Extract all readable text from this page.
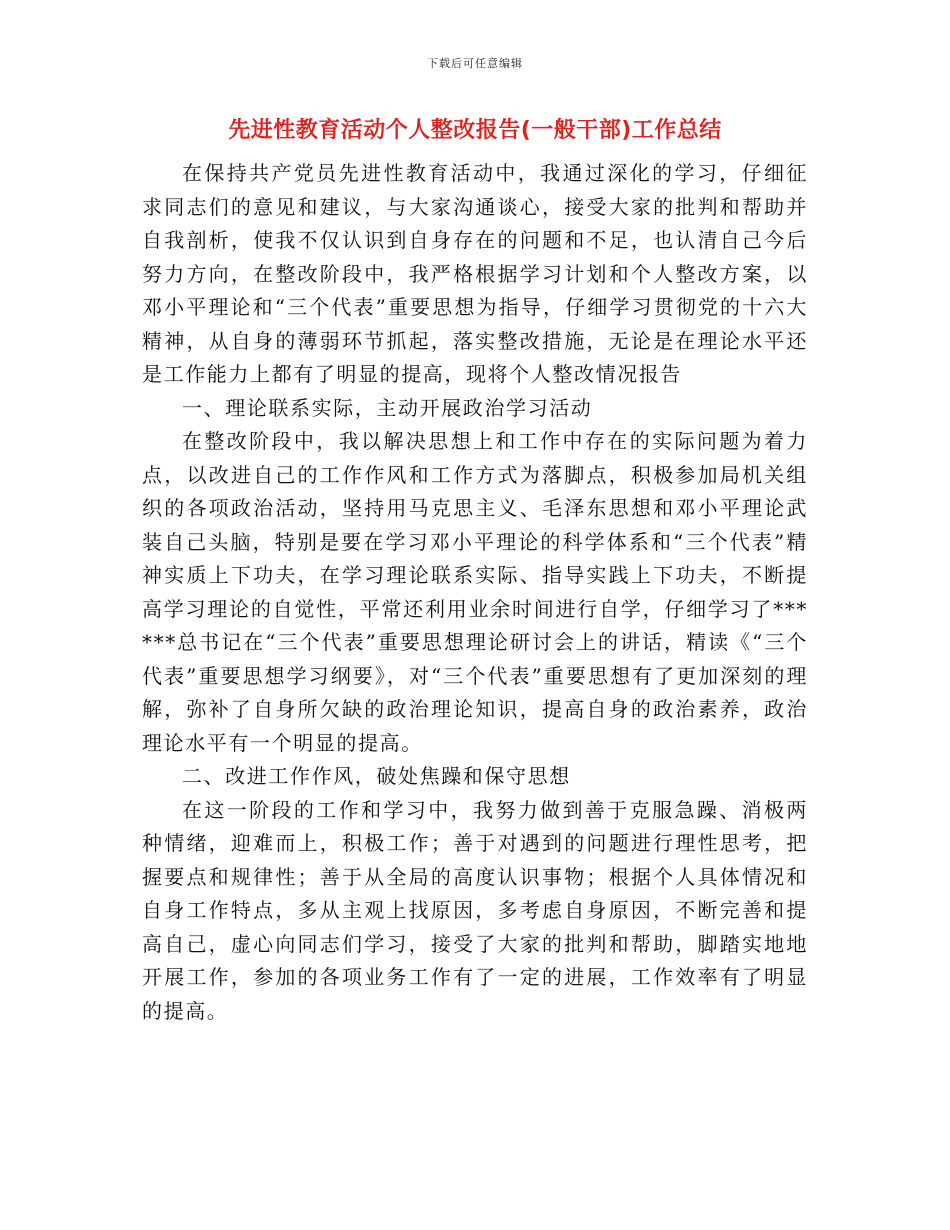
下载后可任意编辑
先进性教育活动个人整改报告(一般干部)工作总结

在保持共产党员先进性教育活动中，我通过深化的学习，仔细征求同志们的意见和建议，与大家沟通谈心，接受大家的批判和帮助并自我剖析，使我不仅认识到自身存在的问题和不足，也认清自己今后努力方向，在整改阶段中，我严格根据学习计划和个人整改方案，以邓小平理论和“三个代表”重要思想为指导，仔细学习贯彻党的十六大精神，从自身的薄弱环节抓起，落实整改措施，无论是在理论水平还是工作能力上都有了明显的提高，现将个人整改情况报告

一、理论联系实际，主动开展政治学习活动

在整改阶段中，我以解决思想上和工作中存在的实际问题为着力点，以改进自己的工作作风和工作方式为落脚点，积极参加局机关组织的各项政治活动，坚持用马克思主义、毛泽东思想和邓小平理论武装自己头脑，特别是要在学习邓小平理论的科学体系和“三个代表”精神实质上下功夫，在学习理论联系实际、指导实践上下功夫，不断提高学习理论的自觉性，平常还利用业余时间进行自学，仔细学习了******总书记在“三个代表”重要思想理论研讨会上的讲话，精读《“三个代表”重要思想学习纲要》，对“三个代表”重要思想有了更加深刻的理解，弥补了自身所欠缺的政治理论知识，提高自身的政治素养，政治理论水平有一个明显的提高。

二、改进工作作风，破处焦躁和保守思想

在这一阶段的工作和学习中，我努力做到善于克服急躁、消极两种情绪，迎难而上，积极工作；善于对遇到的问题进行理性思考，把握要点和规律性；善于从全局的高度认识事物；根据个人具体情况和自身工作特点，多从主观上找原因，多考虑自身原因，不断完善和提高自己，虚心向同志们学习，接受了大家的批判和帮助，脚踏实地地开展工作，参加的各项业务工作有了一定的进展，工作效率有了明显的提高。
